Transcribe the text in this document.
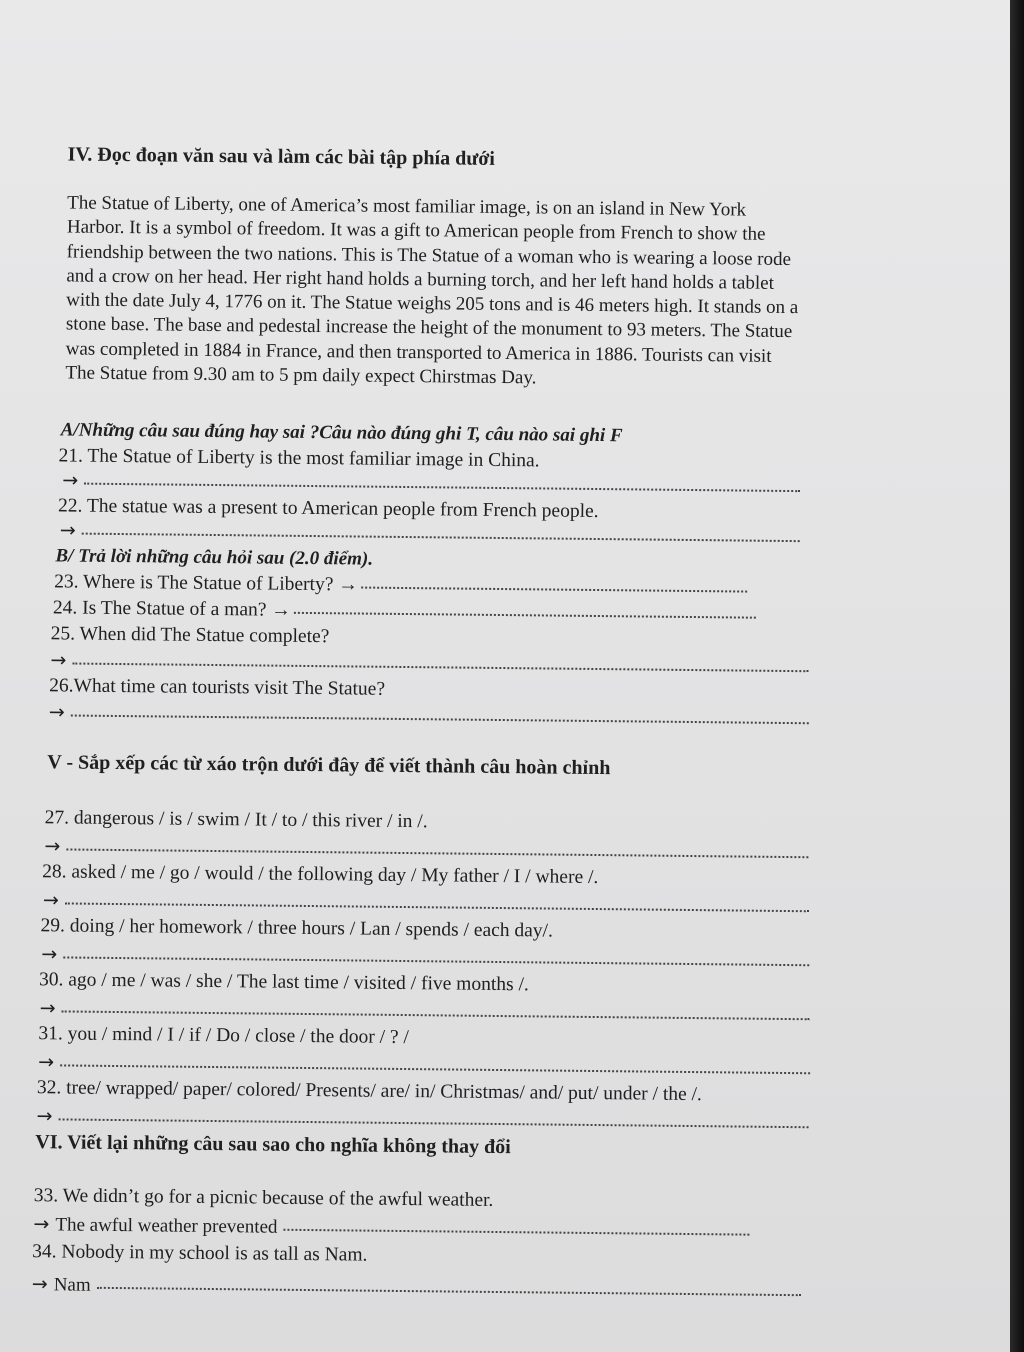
IV. Đọc đoạn văn sau và làm các bài tập phía dưới
The Statue of Liberty, one of America’s most familiar image, is on an island in New York
Harbor. It is a symbol of freedom. It was a gift to American people from French to show the
friendship between the two nations. This is The Statue of a woman who is wearing a loose rode
and a crow on her head. Her right hand holds a burning torch, and her left hand holds a tablet
with the date July 4, 1776 on it. The Statue weighs 205 tons and is 46 meters high. It stands on a
stone base. The base and pedestal increase the height of the monument to 93 meters. The Statue
was completed in 1884 in France, and then transported to America in 1886. Tourists can visit
The Statue from 9.30 am to 5 pm daily expect Chirstmas Day.
A/Những câu sau đúng hay sai ?Câu nào đúng ghi T, câu nào sai ghi F
21. The Statue of Liberty is the most familiar image in China.
→
22. The statue was a present to American people from French people.
→
B/ Trả lời những câu hỏi sau (2.0 điểm).
23. Where is The Statue of Liberty? →
24. Is The Statue of a man? →
25. When did The Statue complete?
→
26.What time can tourists visit The Statue?
→
V - Sắp xếp các từ xáo trộn dưới đây để viết thành câu hoàn chỉnh
27. dangerous / is / swim / It / to / this river / in /.
→
28. asked / me / go / would / the following day / My father / I / where /.
→
29. doing / her homework / three hours / Lan / spends / each day/.
→
30. ago / me / was / she / The last time / visited / five months /.
→
31. you / mind / I / if / Do / close / the door / ? /
→
32. tree/ wrapped/ paper/ colored/ Presents/ are/ in/ Christmas/ and/ put/ under / the /.
→
VI. Viết lại những câu sau sao cho nghĩa không thay đổi
33. We didn’t go for a picnic because of the awful weather.
→ The awful weather prevented
34. Nobody in my school is as tall as Nam.
→ Nam
